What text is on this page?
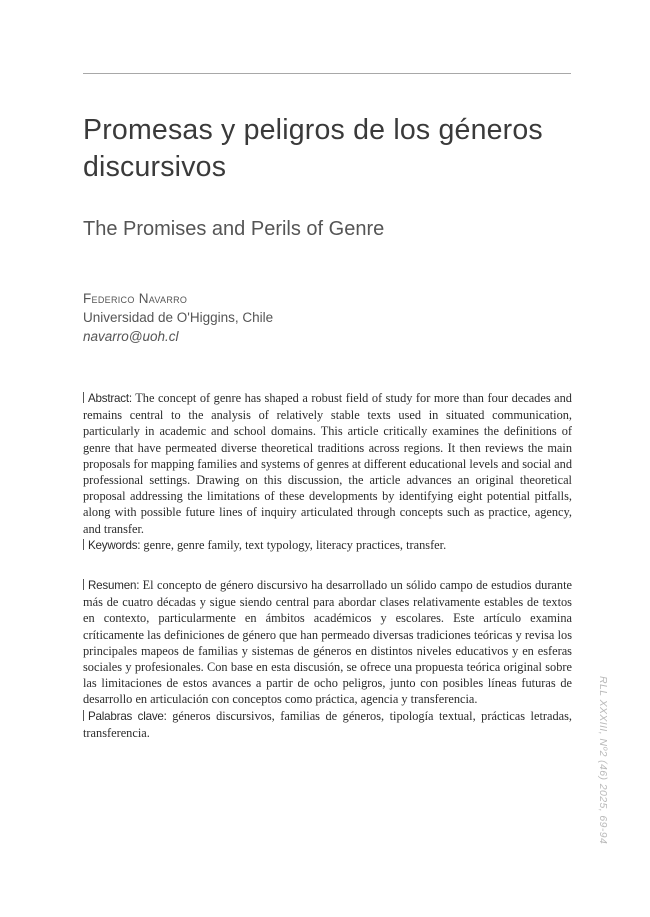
Promesas y peligros de los géneros discursivos
The Promises and Perils of Genre
Federico Navarro
Universidad de O'Higgins, Chile
navarro@uoh.cl
Abstract: The concept of genre has shaped a robust field of study for more than four decades and remains central to the analysis of relatively stable texts used in situated communication, particularly in academic and school domains. This article critically examines the definitions of genre that have permeated diverse theoretical traditions across regions. It then reviews the main proposals for mapping families and systems of genres at different educational levels and social and professional settings. Drawing on this discussion, the article advances an original theoretical proposal addressing the limitations of these developments by identifying eight potential pitfalls, along with possible future lines of inquiry articulated through concepts such as practice, agency, and transfer.
Keywords: genre, genre family, text typology, literacy practices, transfer.
Resumen: El concepto de género discursivo ha desarrollado un sólido campo de estudios durante más de cuatro décadas y sigue siendo central para abordar clases relativamente estables de textos en contexto, particularmente en ámbitos académicos y escolares. Este artículo examina críticamente las definiciones de género que han permeado diversas tradiciones teóricas y revisa los principales mapeos de familias y sistemas de géneros en distintos niveles educativos y en esferas sociales y profesionales. Con base en esta discusión, se ofrece una propuesta teórica original sobre las limitaciones de estos avances a partir de ocho peligros, junto con posibles líneas futuras de desarrollo en articulación con conceptos como práctica, agencia y transferencia.
Palabras clave: géneros discursivos, familias de géneros, tipología textual, prácticas letradas, transferencia.	RLL XXXIII, Nº2 (46) 2025, 69-94
